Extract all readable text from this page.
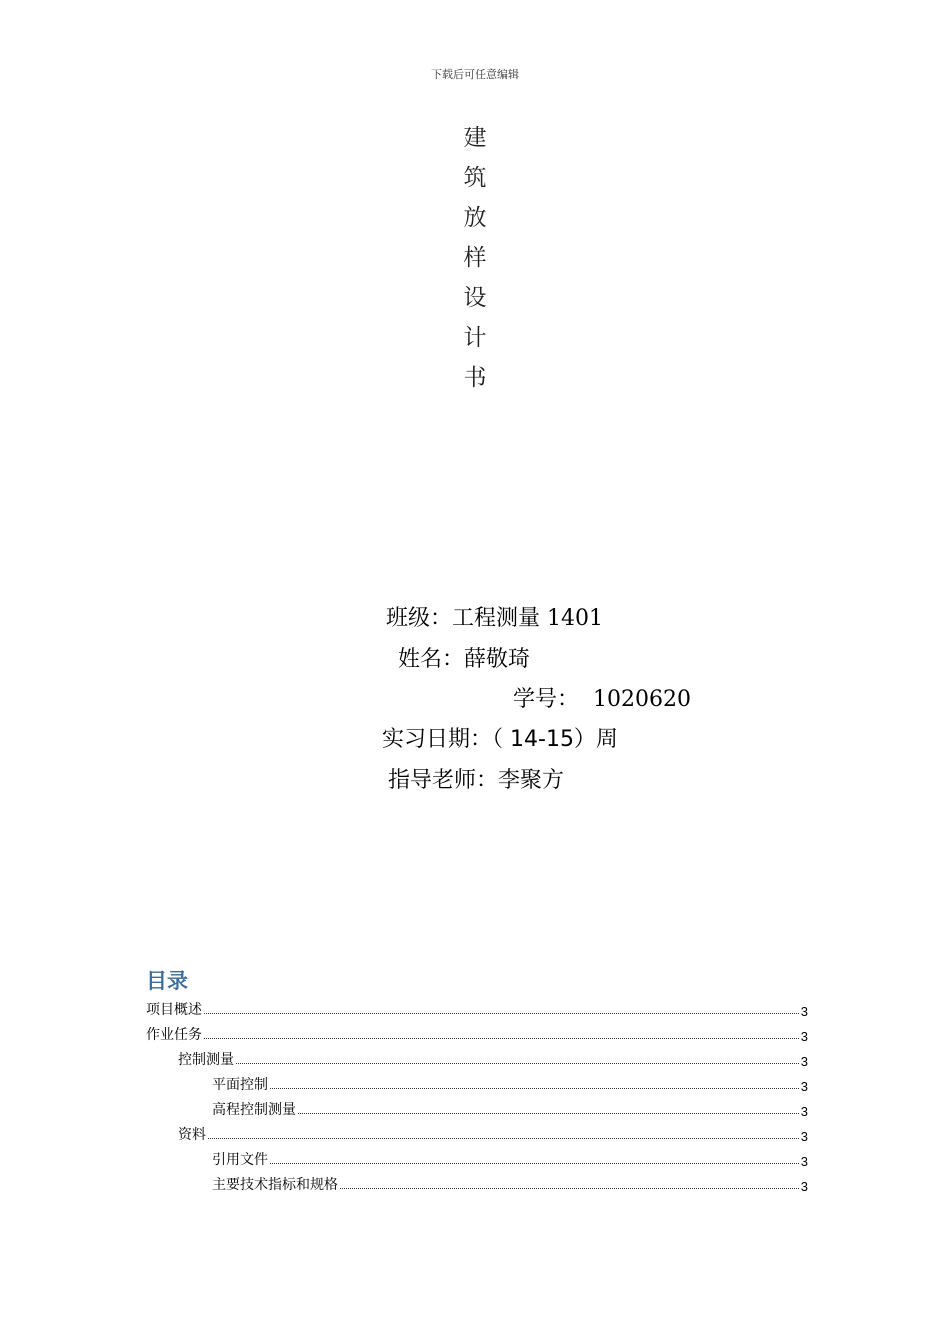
下载后可任意编辑
建
筑
放
样
设
计
书
班级：工程测量 1401
姓名：薛敬琦
学号： 1020620
实习日期：（ 14-15）周
指导老师：李聚方
目录
项目概述	3
作业任务	3
控制测量	3
平面控制	3
高程控制测量	3
资料	3
引用文件	3
主要技术指标和规格	3
